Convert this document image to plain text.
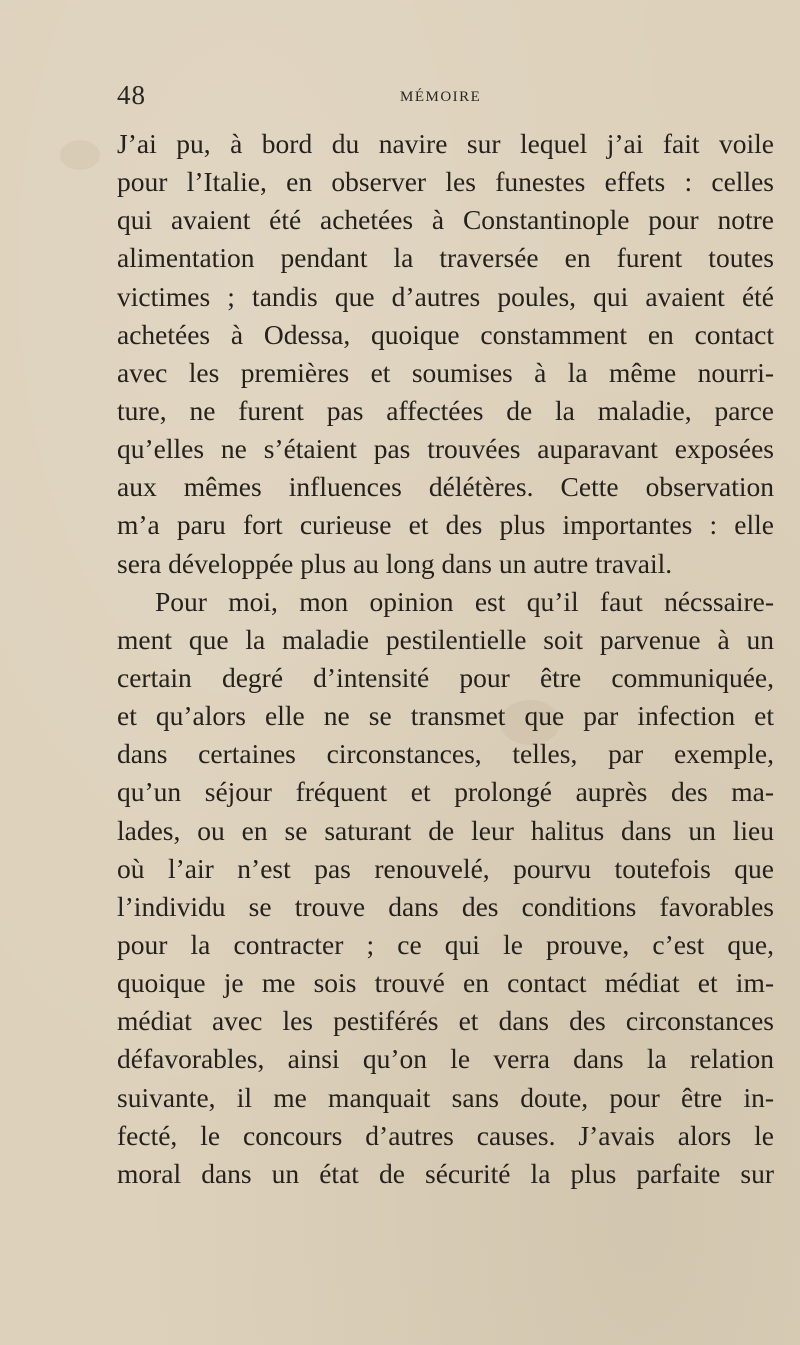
48	MÉMOIRE
J’ai pu, à bord du navire sur lequel j’ai fait voile
pour l’Italie, en observer les funestes effets : celles
qui avaient été achetées à Constantinople pour notre
alimentation pendant la traversée en furent toutes
victimes ; tandis que d’autres poules, qui avaient été
achetées à Odessa, quoique constamment en contact
avec les premières et soumises à la même nourri-
ture, ne furent pas affectées de la maladie, parce
qu’elles ne s’étaient pas trouvées auparavant exposées
aux mêmes influences délétères. Cette observation
m’a paru fort curieuse et des plus importantes : elle
sera développée plus au long dans un autre travail.
Pour moi, mon opinion est qu’il faut nécssaire-
ment que la maladie pestilentielle soit parvenue à un
certain degré d’intensité pour être communiquée,
et qu’alors elle ne se transmet que par infection et
dans certaines circonstances, telles, par exemple,
qu’un séjour fréquent et prolongé auprès des ma-
lades, ou en se saturant de leur halitus dans un lieu
où l’air n’est pas renouvelé, pourvu toutefois que
l’individu se trouve dans des conditions favorables
pour la contracter ; ce qui le prouve, c’est que,
quoique je me sois trouvé en contact médiat et im-
médiat avec les pestiférés et dans des circonstances
défavorables, ainsi qu’on le verra dans la relation
suivante, il me manquait sans doute, pour être in-
fecté, le concours d’autres causes. J’avais alors le
moral dans un état de sécurité la plus parfaite sur
